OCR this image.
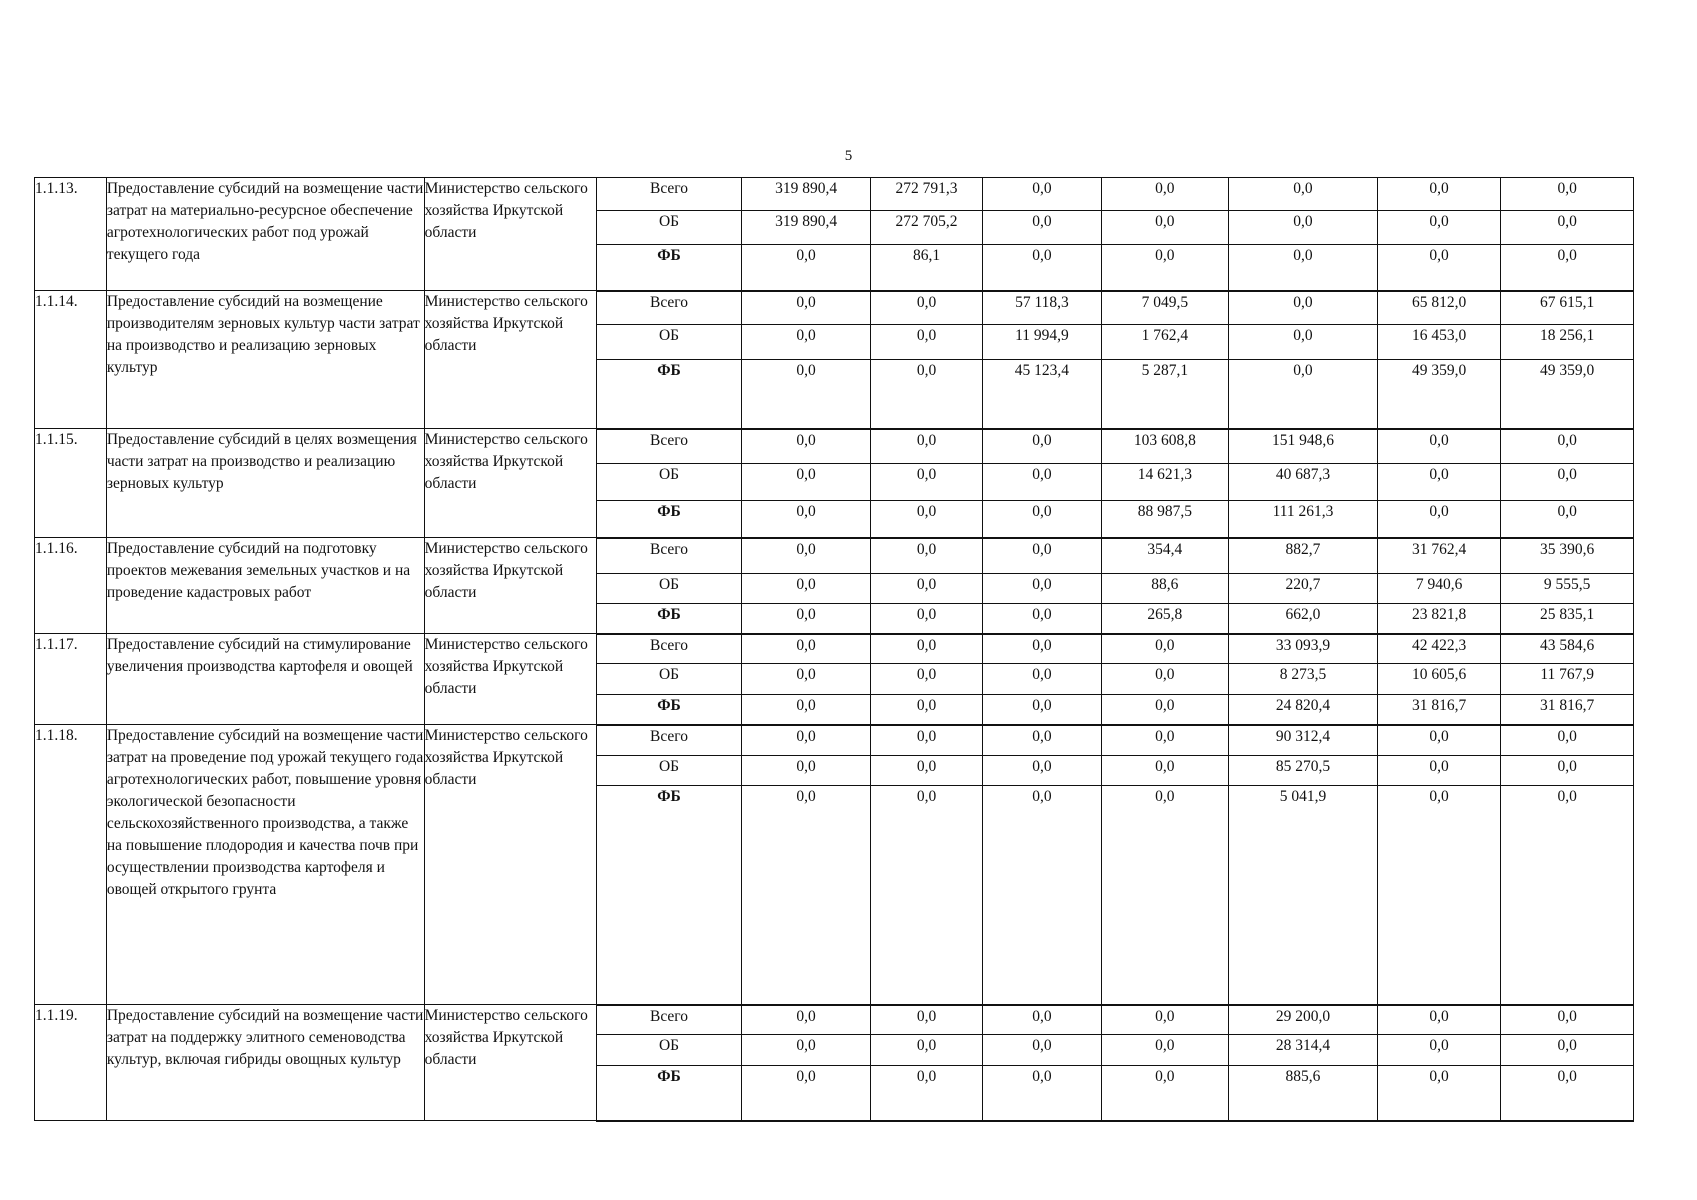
5
1.1.13.	Предоставление субсидий на возмещение части затрат на материально-ресурсное обеспечение агротехнологических работ под урожай текущего года	Министерство сельского хозяйства Иркутской области	Всего	319 890,4	272 791,3	0,0	0,0	0,0	0,0	0,0
			ОБ	319 890,4	272 705,2	0,0	0,0	0,0	0,0	0,0
			ФБ	0,0	86,1	0,0	0,0	0,0	0,0	0,0
1.1.14.	Предоставление субсидий на возмещение производителям зерновых культур части затрат на производство и реализацию зерновых культур	Министерство сельского хозяйства Иркутской области	Всего	0,0	0,0	57 118,3	7 049,5	0,0	65 812,0	67 615,1
			ОБ	0,0	0,0	11 994,9	1 762,4	0,0	16 453,0	18 256,1
			ФБ	0,0	0,0	45 123,4	5 287,1	0,0	49 359,0	49 359,0
1.1.15.	Предоставление субсидий в целях возмещения части затрат на производство и реализацию зерновых культур	Министерство сельского хозяйства Иркутской области	Всего	0,0	0,0	0,0	103 608,8	151 948,6	0,0	0,0
			ОБ	0,0	0,0	0,0	14 621,3	40 687,3	0,0	0,0
			ФБ	0,0	0,0	0,0	88 987,5	111 261,3	0,0	0,0
1.1.16.	Предоставление субсидий на подготовку проектов межевания земельных участков и на проведение кадастровых работ	Министерство сельского хозяйства Иркутской области	Всего	0,0	0,0	0,0	354,4	882,7	31 762,4	35 390,6
			ОБ	0,0	0,0	0,0	88,6	220,7	7 940,6	9 555,5
			ФБ	0,0	0,0	0,0	265,8	662,0	23 821,8	25 835,1
1.1.17.	Предоставление субсидий на стимулирование увеличения производства картофеля и овощей	Министерство сельского хозяйства Иркутской области	Всего	0,0	0,0	0,0	0,0	33 093,9	42 422,3	43 584,6
			ОБ	0,0	0,0	0,0	0,0	8 273,5	10 605,6	11 767,9
			ФБ	0,0	0,0	0,0	0,0	24 820,4	31 816,7	31 816,7
1.1.18.	Предоставление субсидий на возмещение части затрат на проведение под урожай текущего года агротехнологических работ, повышение уровня экологической безопасности сельскохозяйственного производства, а также на повышение плодородия и качества почв при осуществлении производства картофеля и овощей открытого грунта	Министерство сельского хозяйства Иркутской области	Всего	0,0	0,0	0,0	0,0	90 312,4	0,0	0,0
			ОБ	0,0	0,0	0,0	0,0	85 270,5	0,0	0,0
			ФБ	0,0	0,0	0,0	0,0	5 041,9	0,0	0,0
1.1.19.	Предоставление субсидий на возмещение части затрат на поддержку элитного семеноводства культур, включая гибриды овощных культур	Министерство сельского хозяйства Иркутской области	Всего	0,0	0,0	0,0	0,0	29 200,0	0,0	0,0
			ОБ	0,0	0,0	0,0	0,0	28 314,4	0,0	0,0
			ФБ	0,0	0,0	0,0	0,0	885,6	0,0	0,0
